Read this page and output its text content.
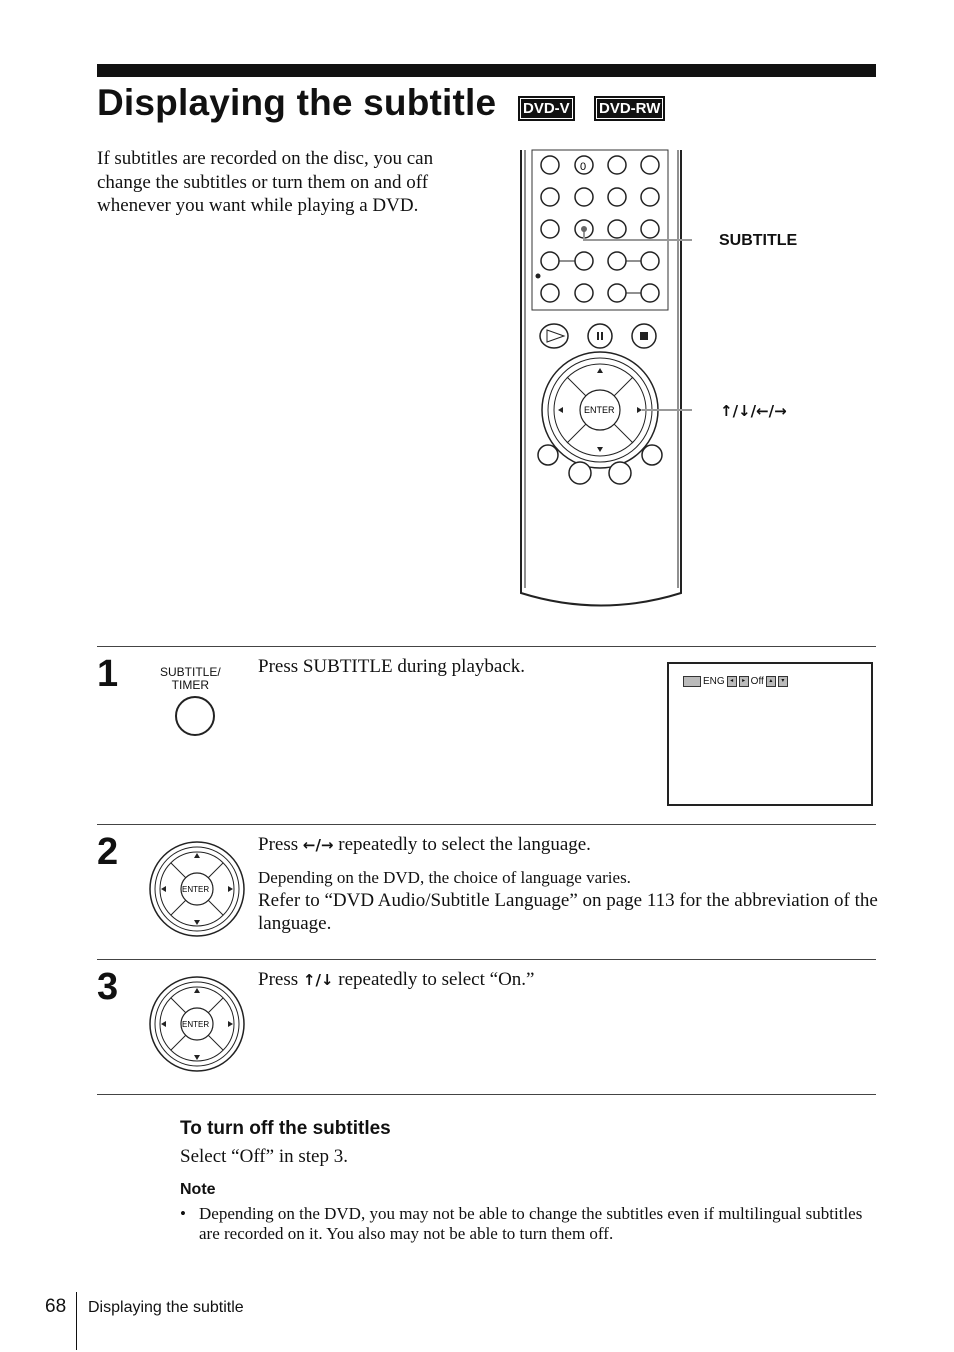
Displaying the subtitle	DVD-V	DVD-RW
If subtitles are recorded on the disc, you can change the subtitles or turn them on and off whenever you want while playing a DVD.
0
ENTER
SUBTITLE
↑/↓/←/→
1	SUBTITLE/
TIMER
Press SUBTITLE during playback.
ENG ◂	▸ Off ▴	▾
2
ENTER
Press ←/→ repeatedly to select the language.
Depending on the DVD, the choice of language varies.
Refer to “DVD Audio/Subtitle Language” on page 113 for the abbreviation of the language.
3
ENTER
Press ↑/↓ repeatedly to select “On.”
To turn off the subtitles
Select “Off” in step 3.
Note
• Depending on the DVD, you may not be able to change the subtitles even if multilingual subtitles are recorded on it. You also may not be able to turn them off.
68 Displaying the subtitle
